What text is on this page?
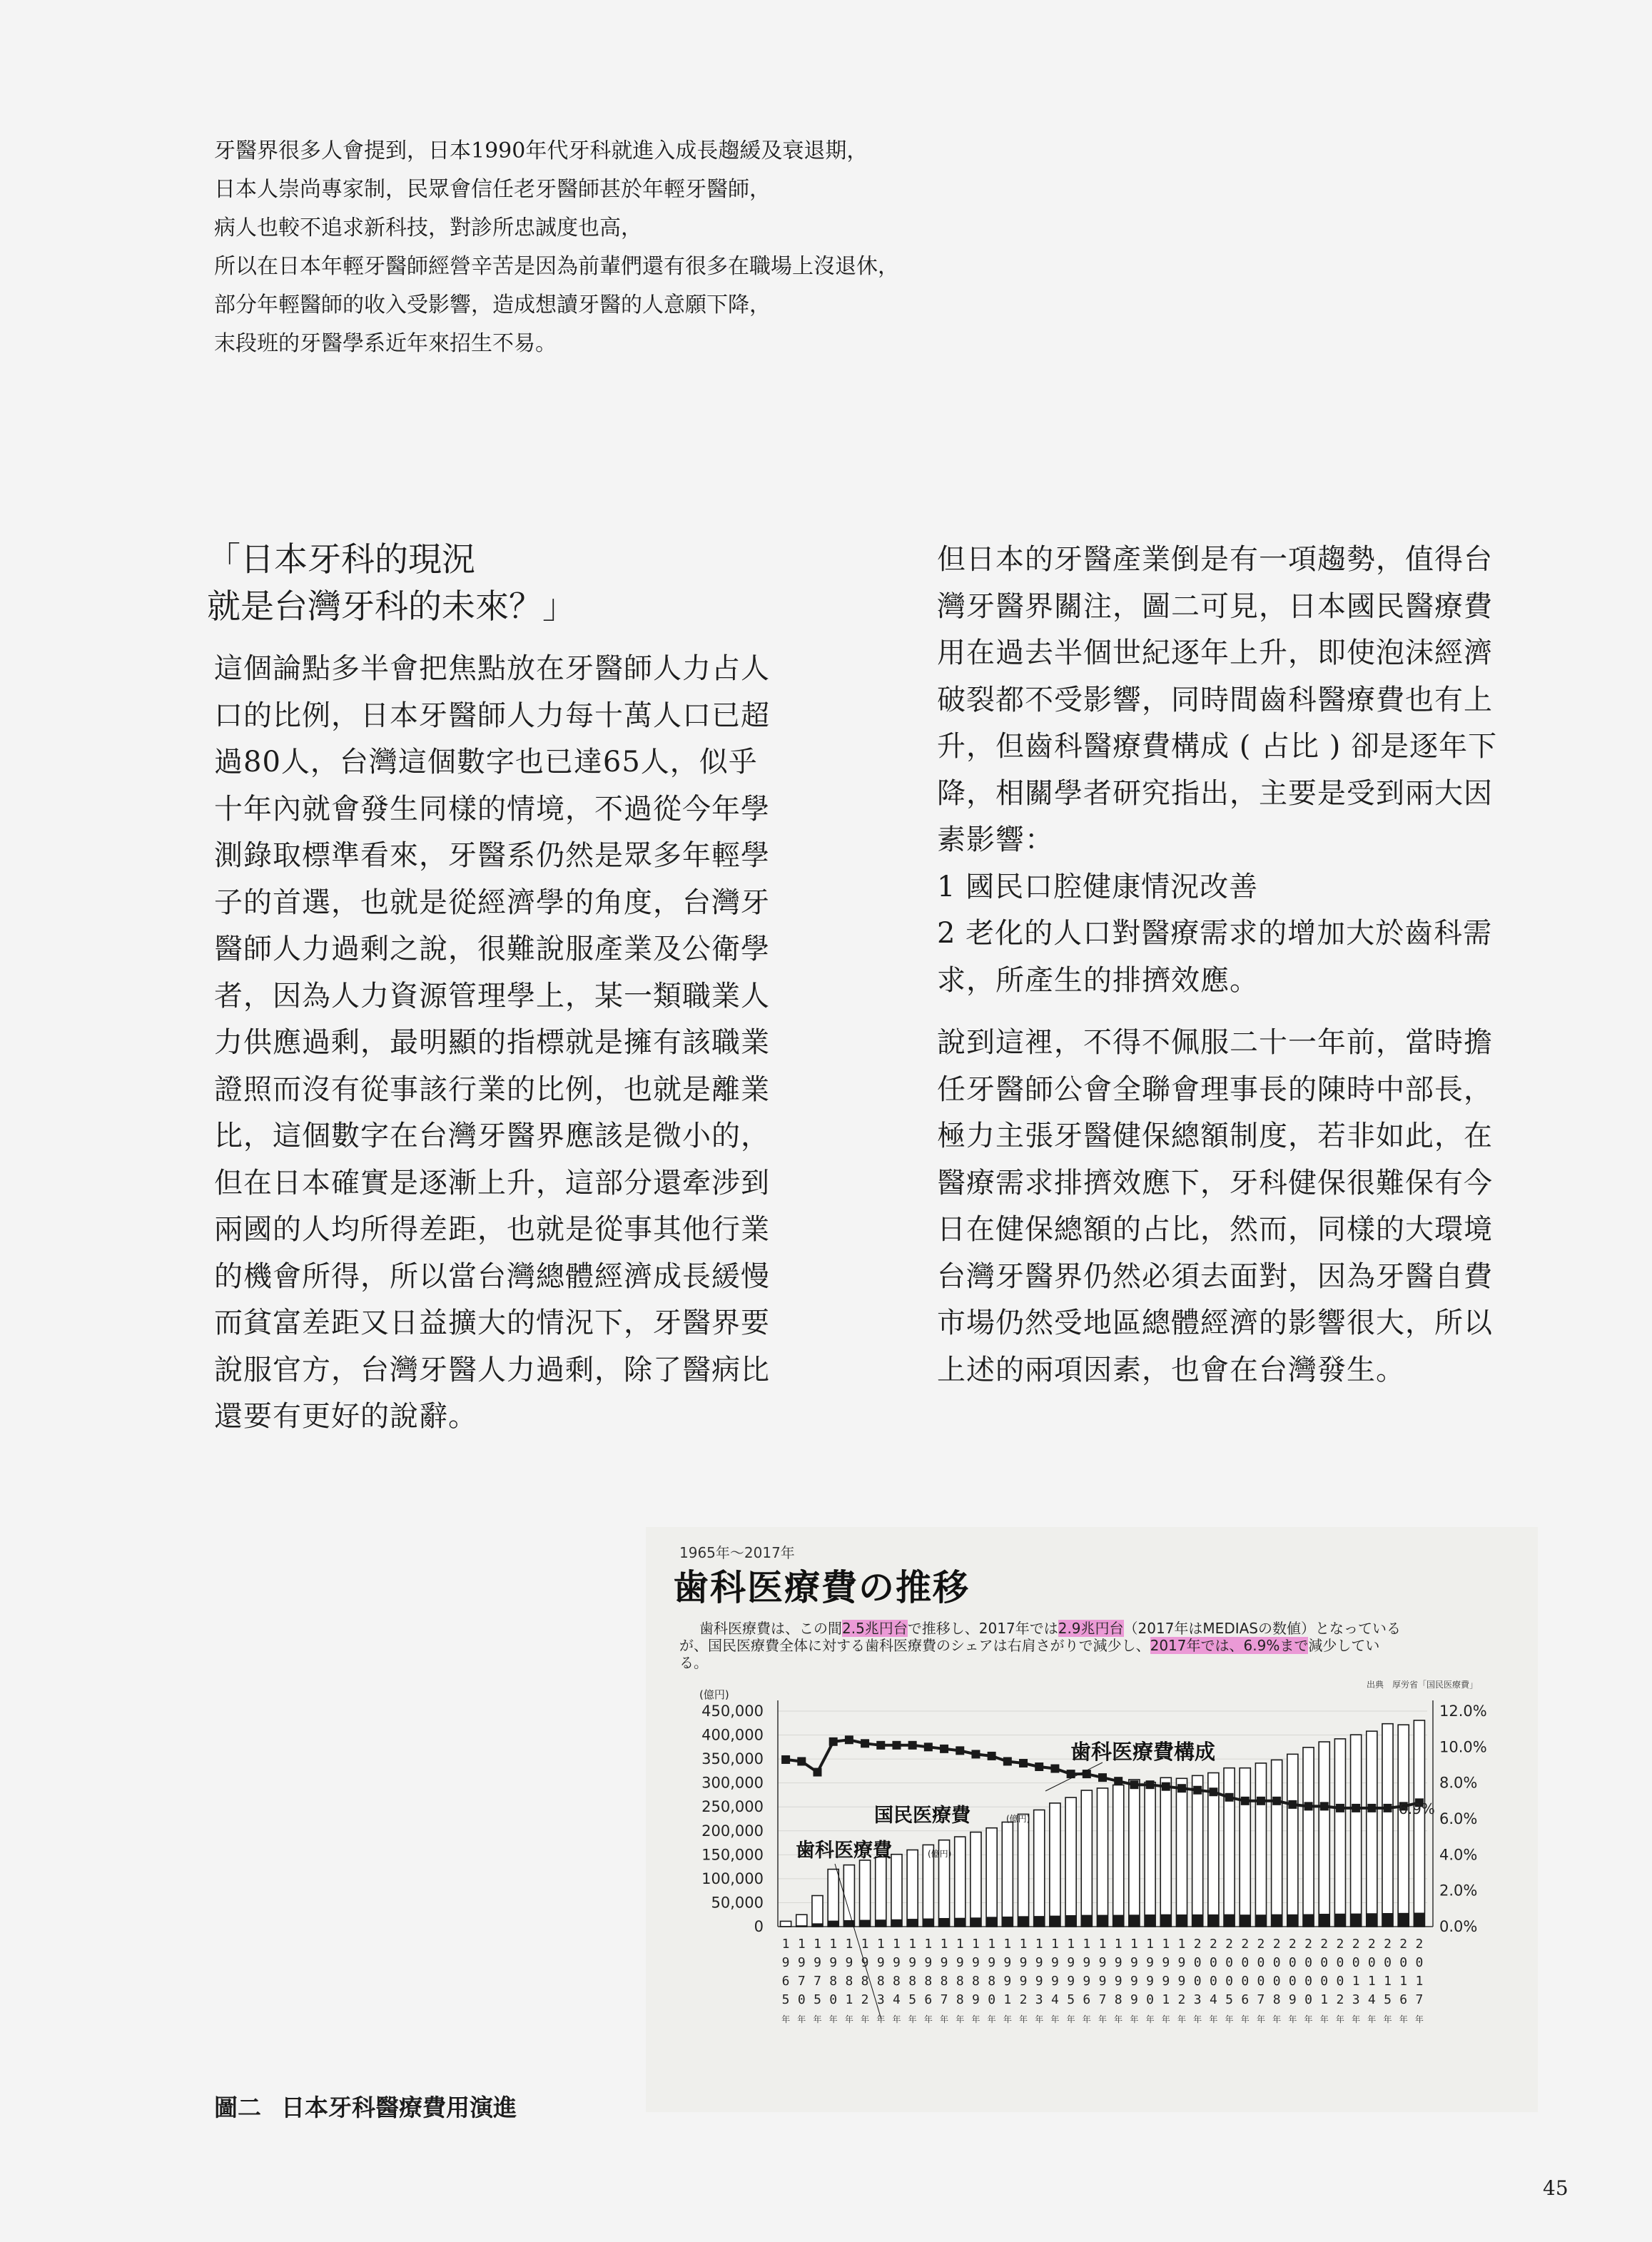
牙醫界很多人會提到，日本1990年代牙科就進入成長趨緩及衰退期，
日本人崇尚專家制，民眾會信任老牙醫師甚於年輕牙醫師，
病人也較不追求新科技，對診所忠誠度也高，
所以在日本年輕牙醫師經營辛苦是因為前輩們還有很多在職場上沒退休，
部分年輕醫師的收入受影響，造成想讀牙醫的人意願下降，
末段班的牙醫學系近年來招生不易。
「日本牙科的現況
就是台灣牙科的未來？」
這個論點多半會把焦點放在牙醫師人力占人
口的比例，日本牙醫師人力每十萬人口已超
過80人，台灣這個數字也已達65人，似乎
十年內就會發生同樣的情境，不過從今年學
測錄取標準看來，牙醫系仍然是眾多年輕學
子的首選，也就是從經濟學的角度，台灣牙
醫師人力過剩之說，很難說服產業及公衛學
者，因為人力資源管理學上，某一類職業人
力供應過剩，最明顯的指標就是擁有該職業
證照而沒有從事該行業的比例，也就是離業
比，這個數字在台灣牙醫界應該是微小的，
但在日本確實是逐漸上升，這部分還牽涉到
兩國的人均所得差距，也就是從事其他行業
的機會所得，所以當台灣總體經濟成長緩慢
而貧富差距又日益擴大的情況下，牙醫界要
說服官方，台灣牙醫人力過剩，除了醫病比
還要有更好的說辭。
但日本的牙醫產業倒是有一項趨勢，值得台
灣牙醫界關注，圖二可見，日本國民醫療費
用在過去半個世紀逐年上升，即使泡沫經濟
破裂都不受影響，同時間齒科醫療費也有上
升，但齒科醫療費構成 ( 占比 ) 卻是逐年下
降，相關學者研究指出，主要是受到兩大因
素影響：
1 國民口腔健康情況改善
2 老化的人口對醫療需求的增加大於齒科需
求，所產生的排擠效應。
說到這裡，不得不佩服二十一年前，當時擔
任牙醫師公會全聯會理事長的陳時中部長，
極力主張牙醫健保總額制度，若非如此，在
醫療需求排擠效應下，牙科健保很難保有今
日在健保總額的占比，然而，同樣的大環境
台灣牙醫界仍然必須去面對，因為牙醫自費
市場仍然受地區總體經濟的影響很大，所以
上述的兩項因素，也會在台灣發生。
1965年～2017年
歯科医療費の推移
歯科医療費は、この間2.5兆円台で推移し、2017年では2.9兆円台（2017年はMEDIASの数値）となっている
が、国民医療費全体に対する歯科医療費のシェアは右肩さがりで減少し、2017年では、6.9%まで減少してい
る。
出典　厚労省「国民医療費」
(億円)
450,000
400,000
350,000
300,000
250,000
200,000
150,000
100,000
50,000
0
12.0%
10.0%
8.0%
6.0%
4.0%
2.0%
0.0%
歯科医療費構成
国民医療費	(億円)
歯科医療費	(億円)
6.9%
1 1 1 1 1 1 1 1 1 1 1 1 1 1 1 1 1 1 1 1 1 1 1 1 1 1 2 2 2 2 2 2 2 2 2 2 2 2 2 2 2
9 9 9 9 9 9 9 9 9 9 9 9 9 9 9 9 9 9 9 9 9 9 9 9 9 9 0 0 0 0 0 0 0 0 0 0 0 0 0 0 0
6 7 7 8 8 8 8 8 8 8 8 8 8 8 9 9 9 9 9 9 9 9 9 9 9 9 0 0 0 0 0 0 0 0 0 0 1 1 1 1 1
5 0 5 0 1 2 3 4 5 6 7 8 9 0 1 2 3 4 5 6 7 8 9 0 1 2 3 4 5 6 7 8 9 0 1 2 3 4 5 6 7
年 年 年 年 年 年 年 年 年 年 年 年 年 年 年 年 年 年 年 年 年 年 年 年 年 年 年 年 年 年 年 年 年 年 年 年 年 年 年 年 年
圖二 日本牙科醫療費用演進
45
